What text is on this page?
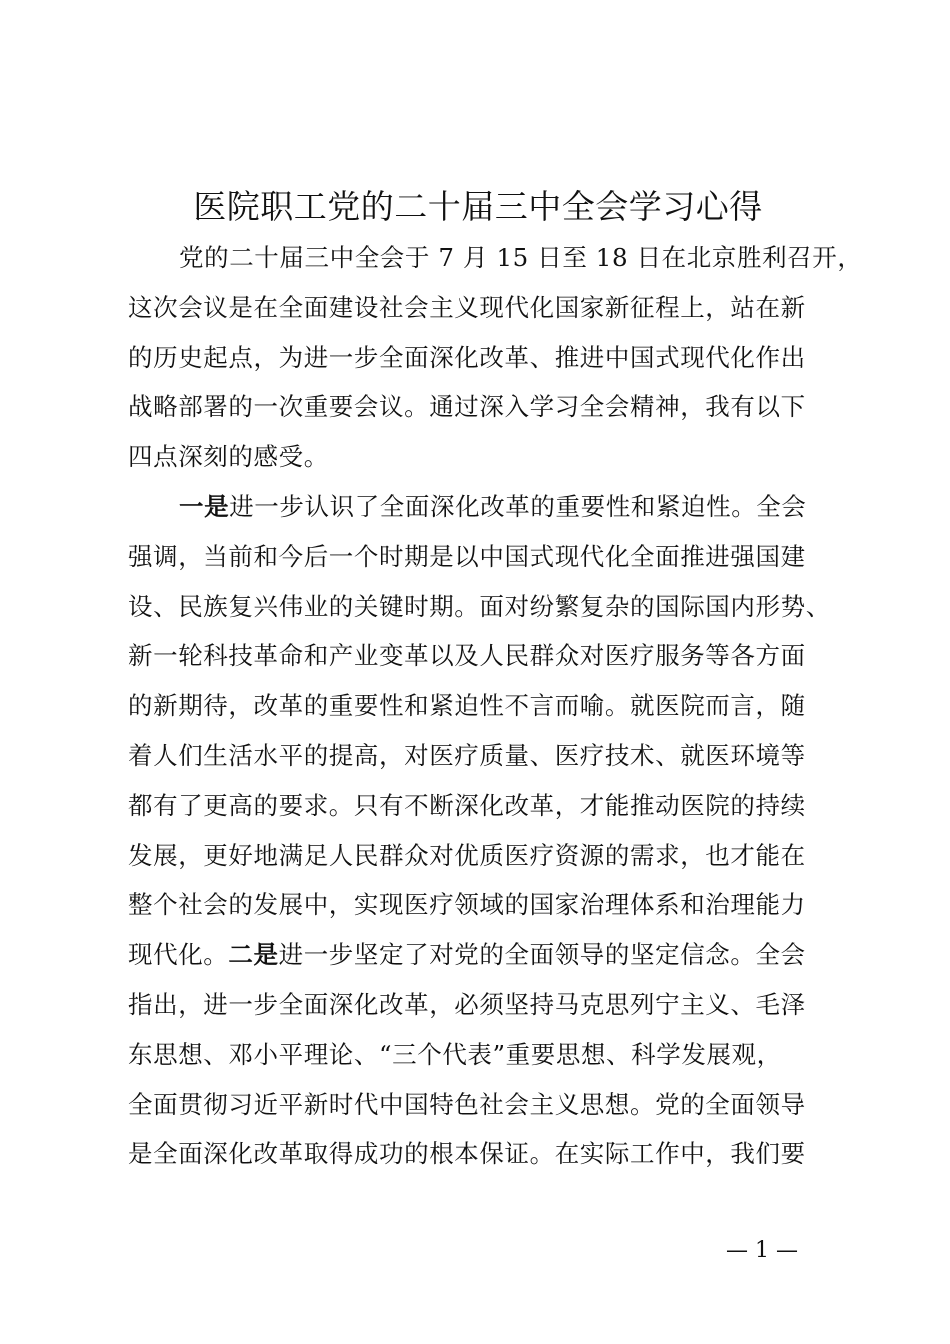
医院职工党的二十届三中全会学习心得
党的二十届三中全会于 7 月 15 日至 18 日在北京胜利召开，
这次会议是在全面建设社会主义现代化国家新征程上，站在新
的历史起点，为进一步全面深化改革、推进中国式现代化作出
战略部署的一次重要会议。通过深入学习全会精神，我有以下
四点深刻的感受。
一是进一步认识了全面深化改革的重要性和紧迫性。全会
强调，当前和今后一个时期是以中国式现代化全面推进强国建
设、民族复兴伟业的关键时期。面对纷繁复杂的国际国内形势、
新一轮科技革命和产业变革以及人民群众对医疗服务等各方面
的新期待，改革的重要性和紧迫性不言而喻。就医院而言，随
着人们生活水平的提高，对医疗质量、医疗技术、就医环境等
都有了更高的要求。只有不断深化改革，才能推动医院的持续
发展，更好地满足人民群众对优质医疗资源的需求，也才能在
整个社会的发展中，实现医疗领域的国家治理体系和治理能力
现代化。二是进一步坚定了对党的全面领导的坚定信念。全会
指出，进一步全面深化改革，必须坚持马克思列宁主义、毛泽
东思想、邓小平理论、“三个代表”重要思想、科学发展观，
全面贯彻习近平新时代中国特色社会主义思想。党的全面领导
是全面深化改革取得成功的根本保证。在实际工作中，我们要
— 1 —
